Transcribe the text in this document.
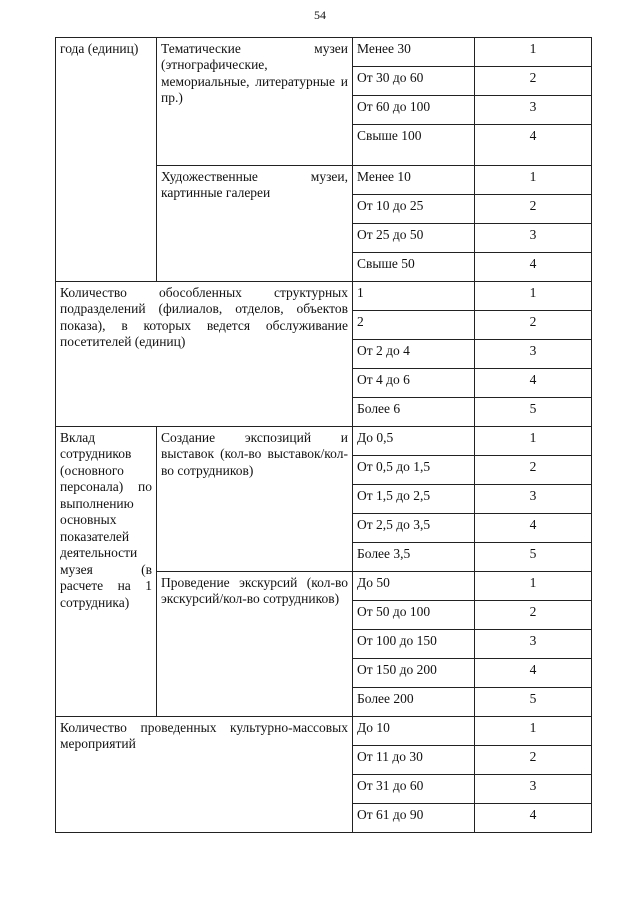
54
года (единиц)	Тематические музеи (этнографические, мемориальные, литературные и пр.)	Менее 30	1
		От 30 до 60	2
		От 60 до 100	3
		Свыше 100	4
	Художественные музеи, картинные галереи	Менее 10	1
		От 10 до 25	2
		От 25 до 50	3
		Свыше 50	4
Количество обособленных структурных подразделений (филиалов, отделов, объектов показа), в которых ведется обслуживание посетителей (единиц)		1	1
		2	2
		От 2 до 4	3
		От 4 до 6	4
		Более 6	5
Вклад сотрудников (основного персонала) по выполнению основных показателей деятельности музея (в расчете на 1 сотрудника)	Создание экспозиций и выставок (кол-во выставок/кол-во сотрудников)	До 0,5	1
		От 0,5 до 1,5	2
		От 1,5 до 2,5	3
		От 2,5 до 3,5	4
		Более 3,5	5
	Проведение экскурсий (кол-во экскурсий/кол-во сотрудников)	До 50	1
		От 50 до 100	2
		От 100 до 150	3
		От 150 до 200	4
		Более 200	5
Количество проведенных культурно-массовых мероприятий		До 10	1
		От 11 до 30	2
		От 31 до 60	3
		От 61 до 90	4
